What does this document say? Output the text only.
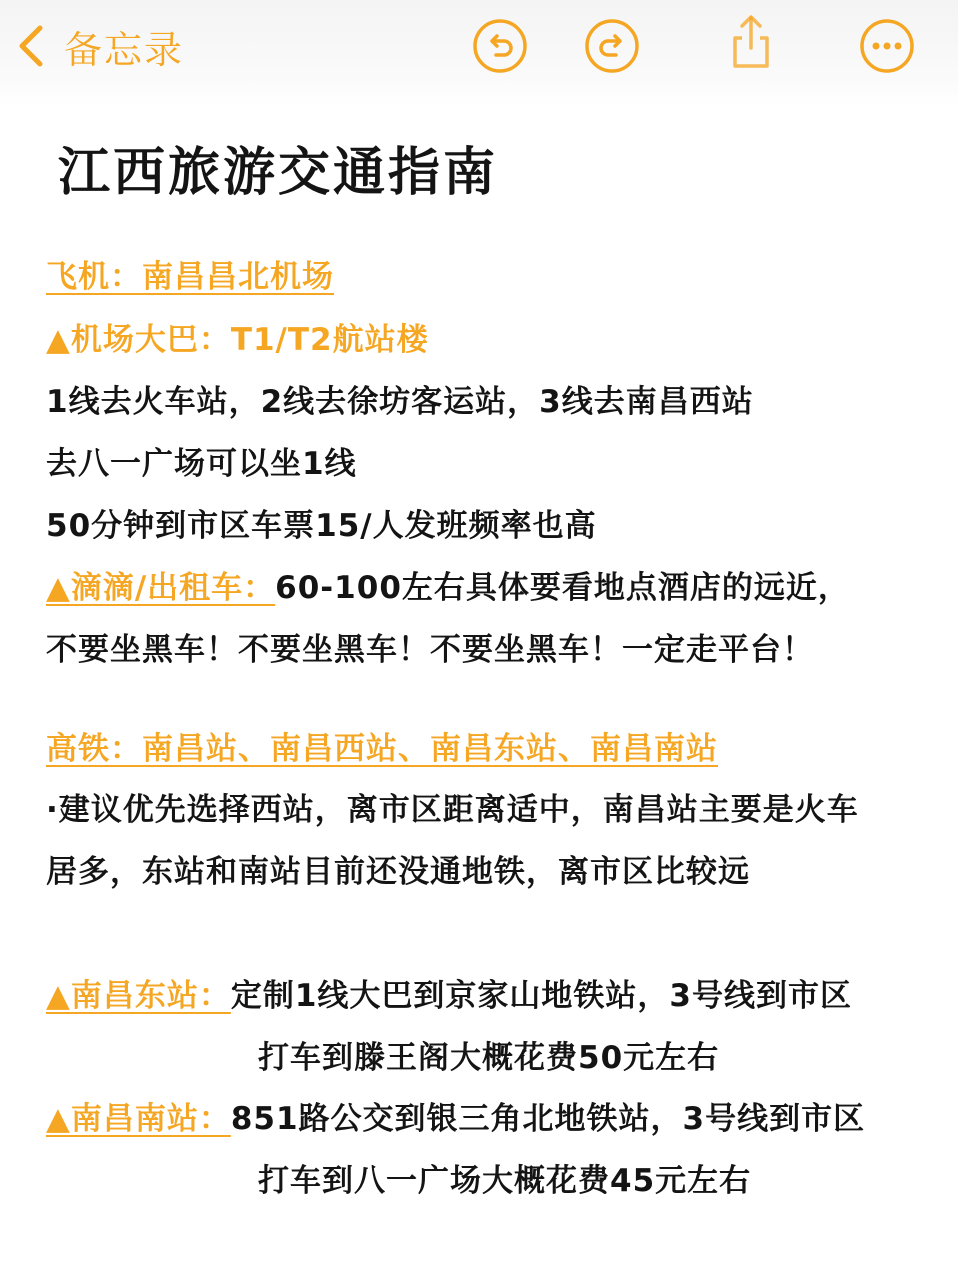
备忘录
江西旅游交通指南
飞机：南昌昌北机场
▲机场大巴：T1/T2航站楼
1线去火车站，2线去徐坊客运站，3线去南昌西站
去八一广场可以坐1线
50分钟到市区车票15/人发班频率也高
▲滴滴/出租车：60-100左右具体要看地点酒店的远近，
不要坐黑车！不要坐黑车！不要坐黑车！一定走平台！
高铁：南昌站、南昌西站、南昌东站、南昌南站
·建议优先选择西站，离市区距离适中，南昌站主要是火车
居多，东站和南站目前还没通地铁，离市区比较远
▲南昌东站：定制1线大巴到京家山地铁站，3号线到市区
打车到滕王阁大概花费50元左右
▲南昌南站：851路公交到银三角北地铁站，3号线到市区
打车到八一广场大概花费45元左右
